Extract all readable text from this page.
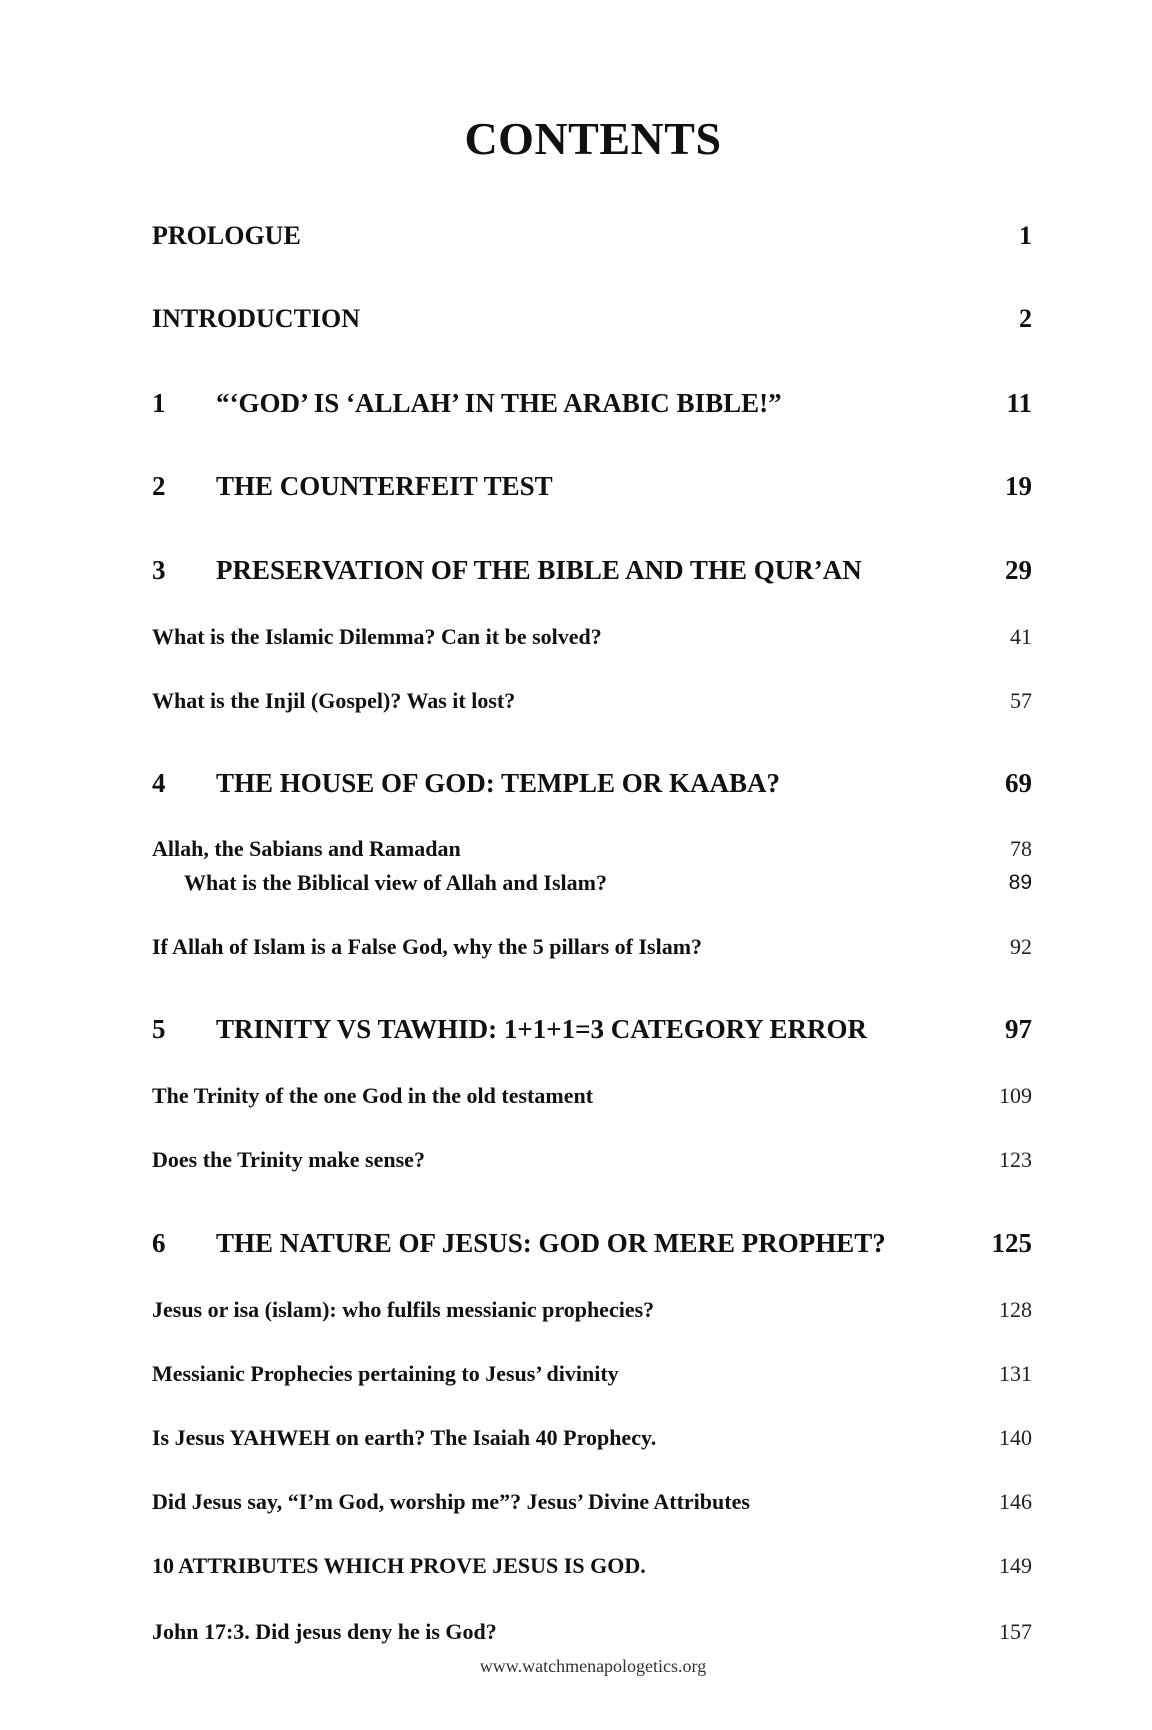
CONTENTS
PROLOGUE	1
INTRODUCTION	2
1 “‘GOD’ IS ‘ALLAH’ IN THE ARABIC BIBLE!”	11
2 THE COUNTERFEIT TEST	19
3 PRESERVATION OF THE BIBLE AND THE QUR’AN	29
What is the Islamic Dilemma? Can it be solved?	41
What is the Injil (Gospel)? Was it lost?	57
4 THE HOUSE OF GOD: TEMPLE OR KAABA?	69
Allah, the Sabians and Ramadan	78
What is the Biblical view of Allah and Islam?	89
If Allah of Islam is a False God, why the 5 pillars of Islam?	92
5 TRINITY VS TAWHID: 1+1+1=3 CATEGORY ERROR	97
The Trinity of the one God in the old testament	109
Does the Trinity make sense?	123
6 THE NATURE OF JESUS: GOD OR MERE PROPHET?	125
Jesus or isa (islam): who fulfils messianic prophecies?	128
Messianic Prophecies pertaining to Jesus’ divinity	131
Is Jesus YAHWEH on earth? The Isaiah 40 Prophecy.	140
Did Jesus say, “I’m God, worship me”? Jesus’ Divine Attributes	146
10 ATTRIBUTES WHICH PROVE JESUS IS GOD.	149
John 17:3. Did jesus deny he is God?	157
www.watchmenapologetics.org
